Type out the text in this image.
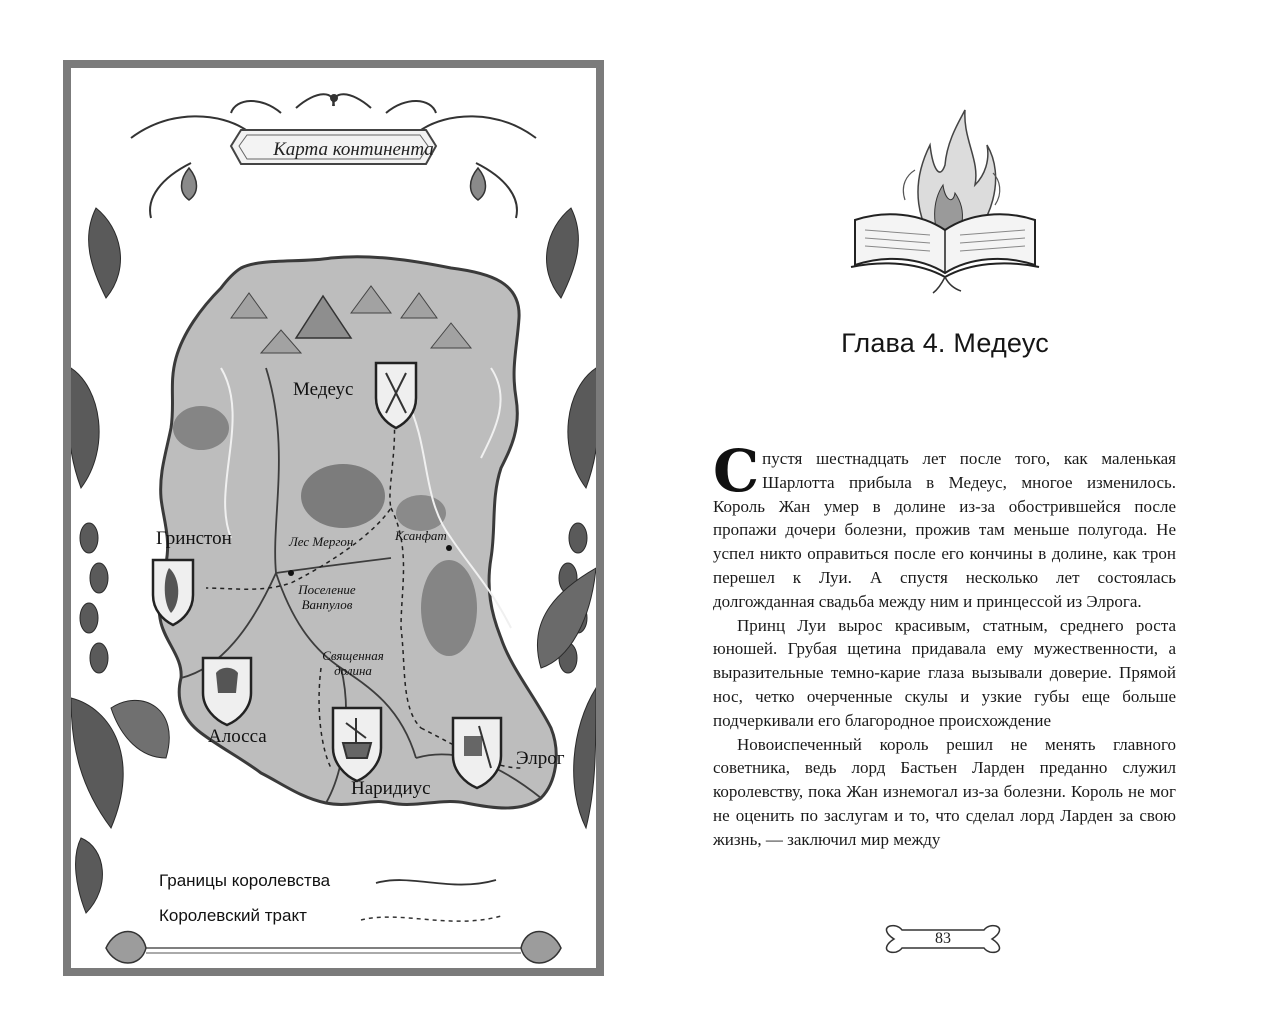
Карта континента
Медеус
Гринстон
Алосса
Наридиус
Элрог
Лес Мергон	Ксанфат
Поселение Ванпулов
Священная долина
Границы королевства
Королевский тракт
Глава 4. Медеус

Спустя шестнадцать лет после того, как маленькая Шарлотта прибыла в Медеус, многое изменилось. Король Жан умер в долине из-за обострившейся после пропажи дочери болезни, прожив там меньше полугода. Не успел никто оправиться после его кончины в долине, как трон перешел к Луи. А спустя несколько лет состоялась долгожданная свадьба между ним и принцессой из Элрога.

Принц Луи вырос красивым, статным, среднего роста юношей. Грубая щетина придавала ему мужественности, а выразительные темно-карие глаза вызывали доверие. Прямой нос, четко очерченные скулы и узкие губы еще больше подчеркивали его благородное происхождение

Новоиспеченный король решил не менять главного советника, ведь лорд Бастьен Ларден преданно служил королевству, пока Жан изнемогал из-за болезни. Король не мог не оценить по заслугам и то, что сделал лорд Ларден за свою жизнь, — заключил мир между

83
